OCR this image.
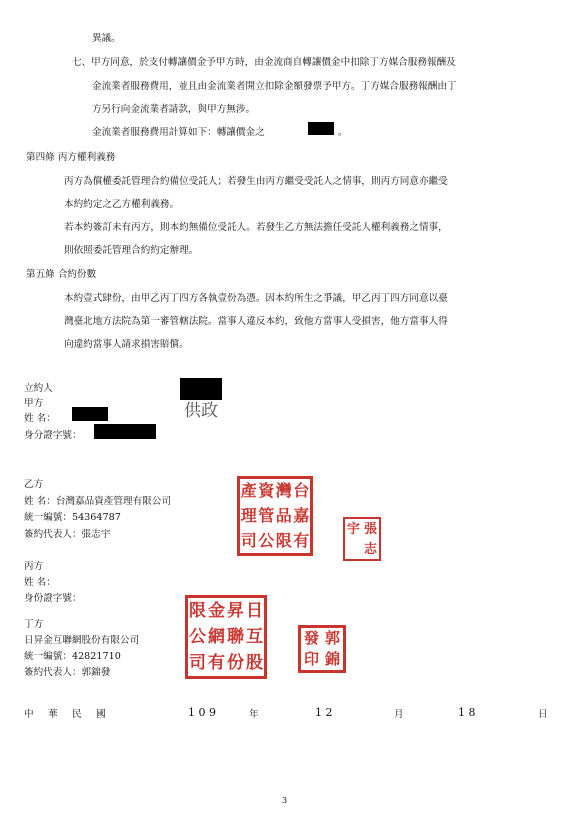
異議。
七、甲方同意，於支付轉讓價金予甲方時，由金流商自轉讓價金中扣除丁方媒合服務報酬及
金流業者服務費用，並且由金流業者開立扣除金額發票予甲方。丁方媒合服務報酬由丁
方另行向金流業者請款，與甲方無涉。
金流業者服務費用計算如下：轉讓價金之	。
第四條 丙方權利義務
丙方為償權委託管理合約備位受託人；若發生由丙方繼受受託人之情事，則丙方同意亦繼受
本約約定之乙方權利義務。
若本約簽訂未有丙方，則本約無備位受託人。若發生乙方無法擔任受託人權利義務之情事，
則依照委託管理合約約定辦理。
第五條 合約份數
本約壹式肆份，由甲乙丙丁四方各執壹份為憑。因本約所生之爭議，甲乙丙丁四方同意以臺
灣臺北地方法院為第一審管轄法院。當事人違反本約，致他方當事人受損害，他方當事人得
向違約當事人請求損害賠償。
立約人
甲方
姓 名：
身分證字號：
供政
乙方
姓 名：台灣嘉品資產管理有限公司
統一編號：54364787
簽約代表人：張志宇
台
嘉
有
灣
品
限
資
管
公
產
理
司
張
志
宇
丙方
姓 名：
身份證字號：
丁方
日昇金互聯網股份有限公司
統一編號：42821710
簽約代表人：郭錦發
日
互
股
昇
聯
份
金
網
有
限
公
司
郭
錦
發
印
中 華 民 國	1 0 9	年	1 2	月	1 8	日
3
